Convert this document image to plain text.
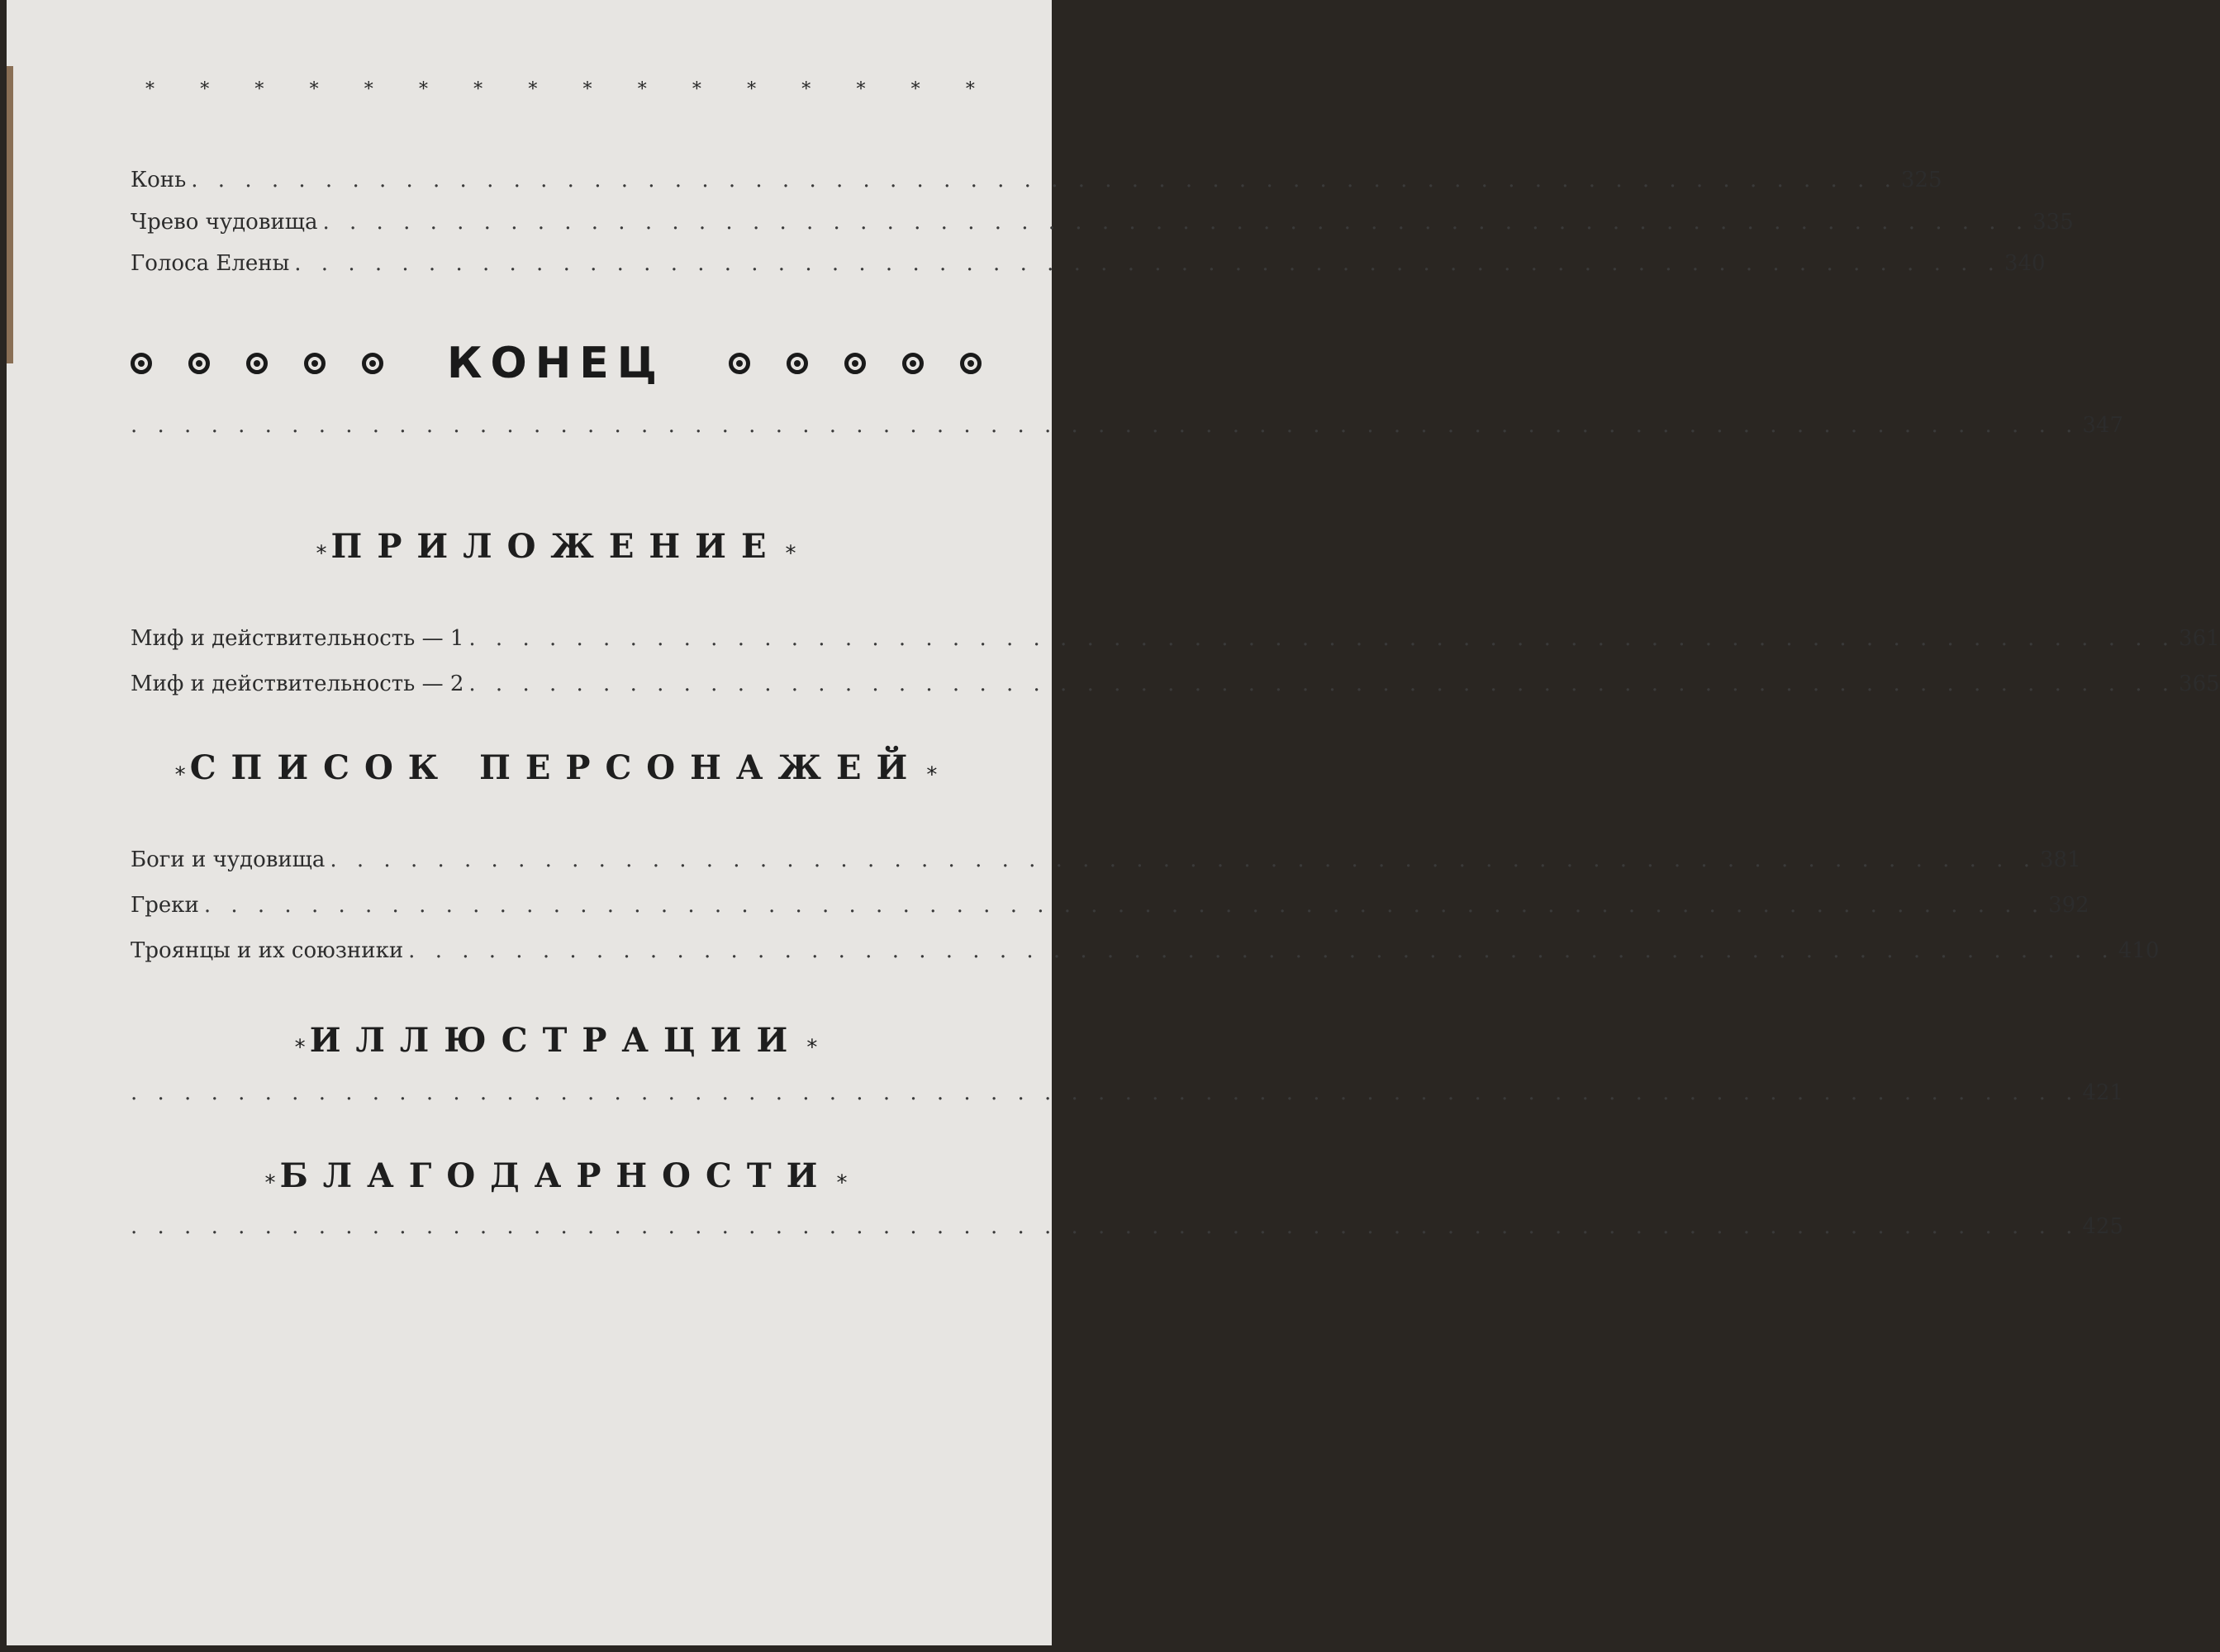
*	*	*	*	*	*	*	*	*	*	*	*	*	*	*	*
Конь . . . . . . . . . . . . . . . . . . . . . . . . . . . . . . . . . . . . . . . . . . . . . . . . . . . . . . . . . . . . . . . . 325
Чрево чудовища . . . . . . . . . . . . . . . . . . . . . . . . . . . . . . . . . . . . . . . . . . . . . . . . . . . . . . . . . . . . . . . . 335
Голоса Елены . . . . . . . . . . . . . . . . . . . . . . . . . . . . . . . . . . . . . . . . . . . . . . . . . . . . . . . . . . . . . . . . 340
КОНЕЦ
. . . . . . . . . . . . . . . . . . . . . . . . . . . . . . . . . . . . . . . . . . . . . . . . . . . . . . . . . . . . . . . . . . . . . . . . . 347
* ПРИЛОЖЕНИЕ *
Миф и действительность — 1 . . . . . . . . . . . . . . . . . . . . . . . . . . . . . . . . . . . . . . . . . . . . . . . . . . . . . . . . . . . . . . . . 361
Миф и действительность — 2 . . . . . . . . . . . . . . . . . . . . . . . . . . . . . . . . . . . . . . . . . . . . . . . . . . . . . . . . . . . . . . . . 365
* СПИСОК ПЕРСОНАЖЕЙ *
Боги и чудовища . . . . . . . . . . . . . . . . . . . . . . . . . . . . . . . . . . . . . . . . . . . . . . . . . . . . . . . . . . . . . . . . 381
Греки . . . . . . . . . . . . . . . . . . . . . . . . . . . . . . . . . . . . . . . . . . . . . . . . . . . . . . . . . . . . . . . . . . . . . 392
Троянцы и их союзники . . . . . . . . . . . . . . . . . . . . . . . . . . . . . . . . . . . . . . . . . . . . . . . . . . . . . . . . . . . . . . . . 410
* ИЛЛЮСТРАЦИИ *
. . . . . . . . . . . . . . . . . . . . . . . . . . . . . . . . . . . . . . . . . . . . . . . . . . . . . . . . . . . . . . . . . . . . . . . . . 421
* БЛАГОДАРНОСТИ *
. . . . . . . . . . . . . . . . . . . . . . . . . . . . . . . . . . . . . . . . . . . . . . . . . . . . . . . . . . . . . . . . . . . . . . . . . 425
